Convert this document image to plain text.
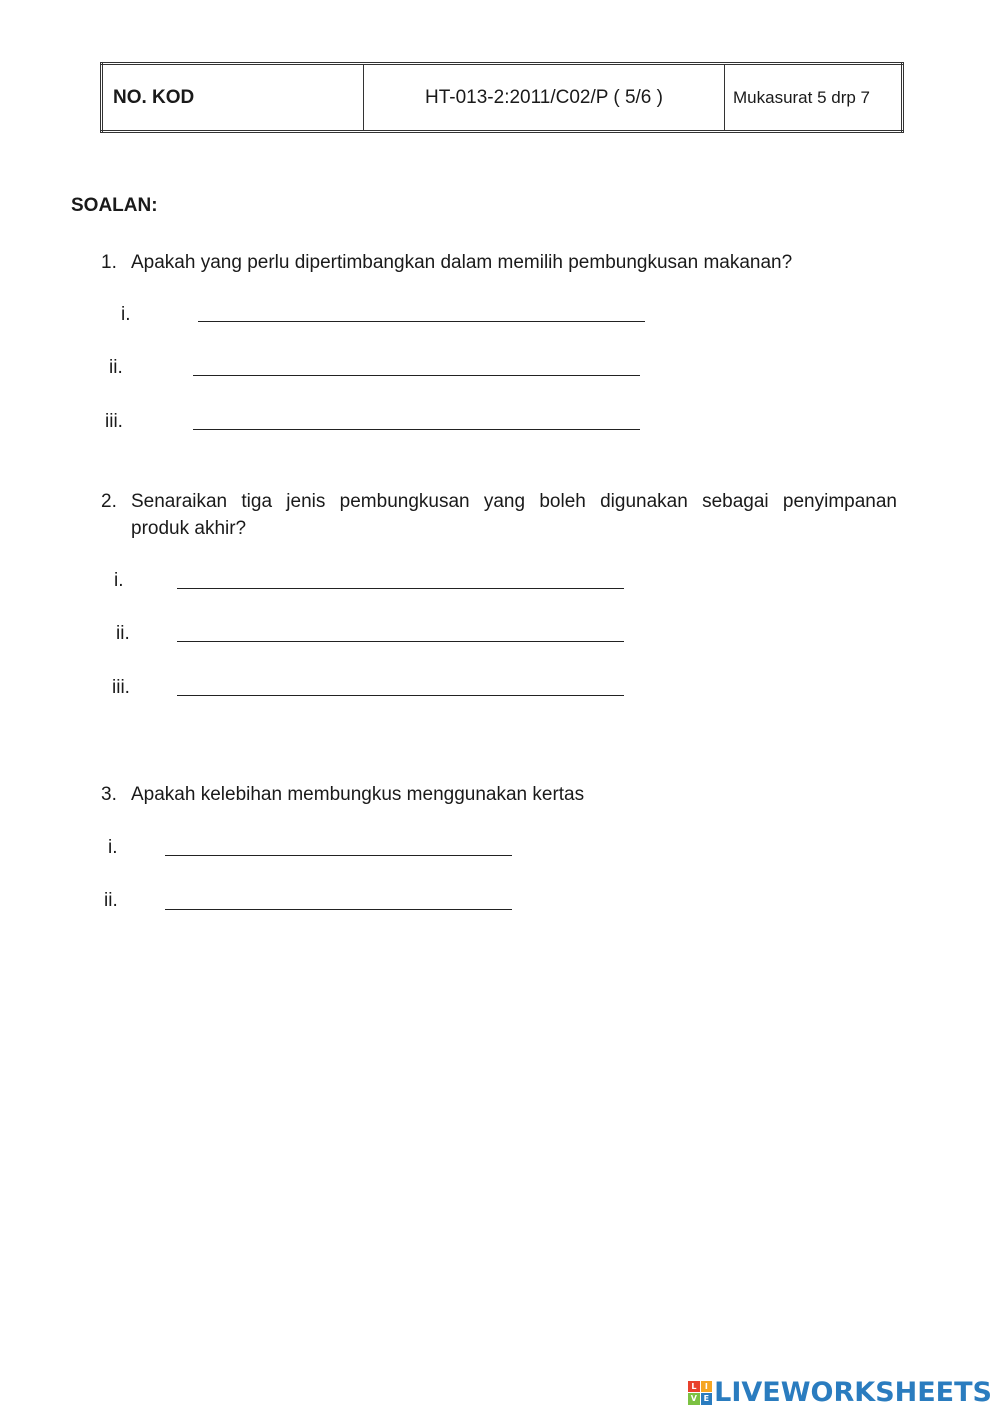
NO. KOD	HT-013-2:2011/C02/P ( 5/6 )	Mukasurat 5 drp 7
SOALAN:
1. Apakah yang perlu dipertimbangkan dalam memilih pembungkusan makanan?
i.
ii.
iii.
2. Senaraikan tiga jenis pembungkusan yang boleh digunakan sebagai penyimpanan
produk akhir?
i.
ii.
iii.
3. Apakah kelebihan membungkus menggunakan kertas
i.
ii.
L	I
V E LIVEWORKSHEETS
